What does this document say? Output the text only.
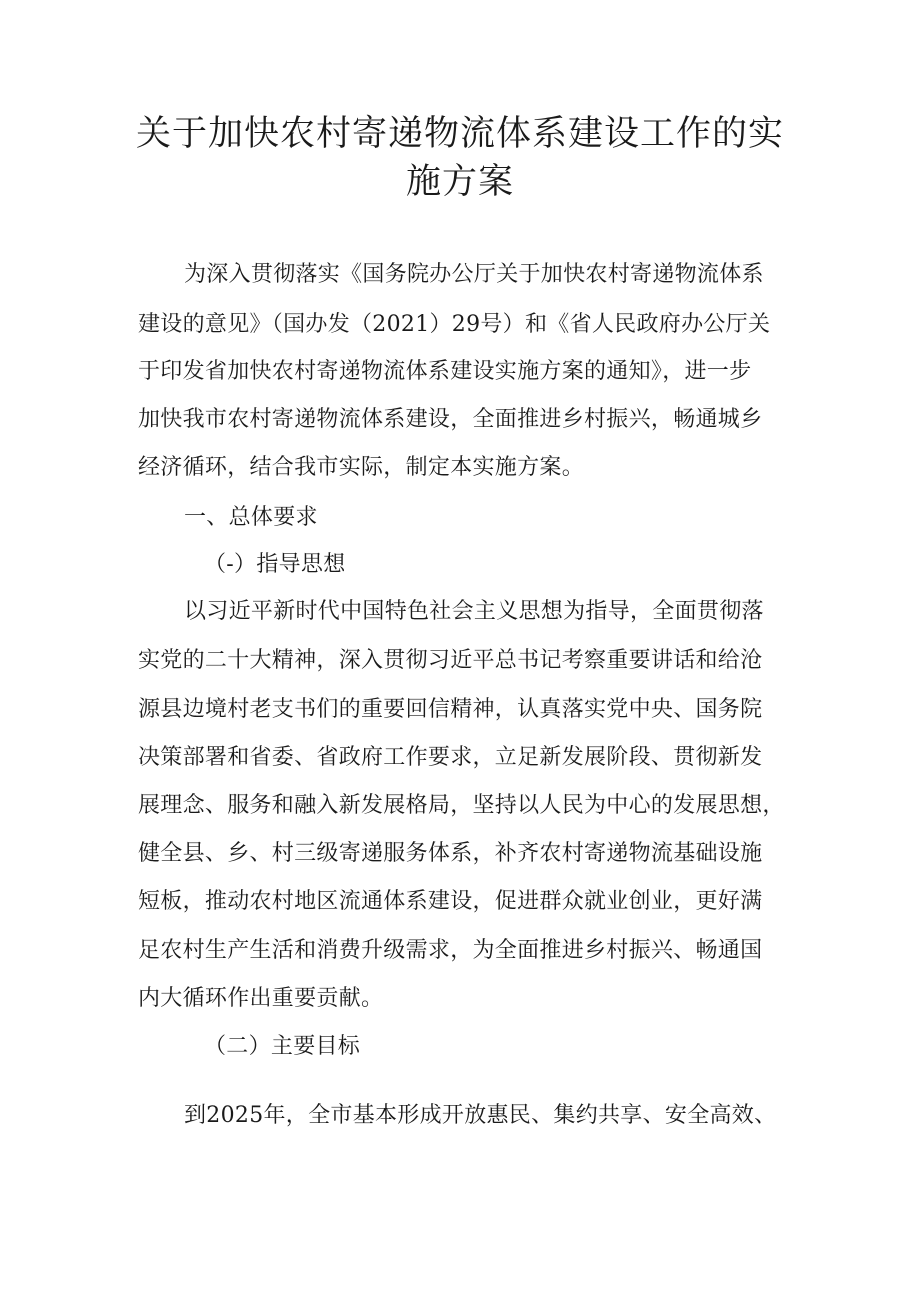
关于加快农村寄递物流体系建设工作的实
施方案

为深入贯彻落实《国务院办公厅关于加快农村寄递物流体系

建设的意见》（国办发（2021）29号）和《省人民政府办公厅关

于印发省加快农村寄递物流体系建设实施方案的通知》，进一步

加快我市农村寄递物流体系建设，全面推进乡村振兴，畅通城乡

经济循环，结合我市实际，制定本实施方案。

一、总体要求

（-）指导思想

以习近平新时代中国特色社会主义思想为指导，全面贯彻落

实党的二十大精神，深入贯彻习近平总书记考察重要讲话和给沧

源县边境村老支书们的重要回信精神，认真落实党中央、国务院

决策部署和省委、省政府工作要求，立足新发展阶段、贯彻新发

展理念、服务和融入新发展格局，坚持以人民为中心的发展思想，

健全县、乡、村三级寄递服务体系，补齐农村寄递物流基础设施

短板，推动农村地区流通体系建设，促进群众就业创业，更好满

足农村生产生活和消费升级需求，为全面推进乡村振兴、畅通国

内大循环作出重要贡献。

（二）主要目标

到2025年，全市基本形成开放惠民、集约共享、安全高效、
